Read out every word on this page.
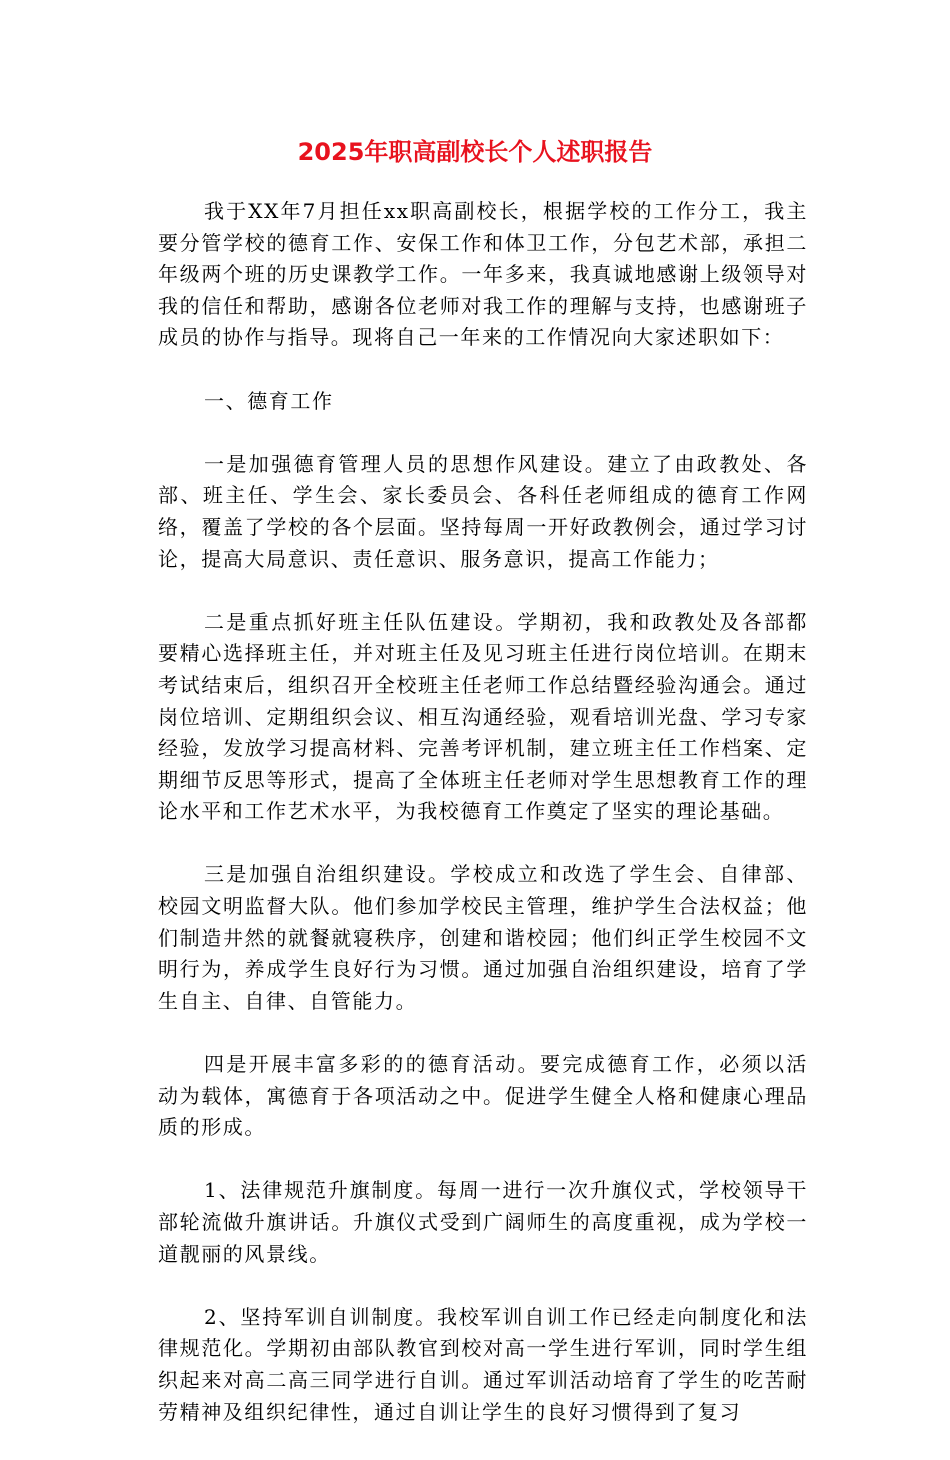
2025年职高副校长个人述职报告

我于XX年7月担任xx职高副校长，根据学校的工作分工，我主要分管学校的德育工作、安保工作和体卫工作，分包艺术部，承担二年级两个班的历史课教学工作。一年多来，我真诚地感谢上级领导对我的信任和帮助，感谢各位老师对我工作的理解与支持，也感谢班子成员的协作与指导。现将自己一年来的工作情况向大家述职如下：

一、德育工作

一是加强德育管理人员的思想作风建设。建立了由政教处、各部、班主任、学生会、家长委员会、各科任老师组成的德育工作网络，覆盖了学校的各个层面。坚持每周一开好政教例会，通过学习讨论，提高大局意识、责任意识、服务意识，提高工作能力；

二是重点抓好班主任队伍建设。学期初，我和政教处及各部都要精心选择班主任，并对班主任及见习班主任进行岗位培训。在期末考试结束后，组织召开全校班主任老师工作总结暨经验沟通会。通过岗位培训、定期组织会议、相互沟通经验，观看培训光盘、学习专家经验，发放学习提高材料、完善考评机制，建立班主任工作档案、定期细节反思等形式，提高了全体班主任老师对学生思想教育工作的理论水平和工作艺术水平，为我校德育工作奠定了坚实的理论基础。

三是加强自治组织建设。学校成立和改选了学生会、自律部、校园文明监督大队。他们参加学校民主管理，维护学生合法权益；他们制造井然的就餐就寝秩序，创建和谐校园；他们纠正学生校园不文明行为，养成学生良好行为习惯。通过加强自治组织建设，培育了学生自主、自律、自管能力。

四是开展丰富多彩的的德育活动。要完成德育工作，必须以活动为载体，寓德育于各项活动之中。促进学生健全人格和健康心理品质的形成。

1、法律规范升旗制度。每周一进行一次升旗仪式，学校领导干部轮流做升旗讲话。升旗仪式受到广阔师生的高度重视，成为学校一道靓丽的风景线。

2、坚持军训自训制度。我校军训自训工作已经走向制度化和法律规范化。学期初由部队教官到校对高一学生进行军训，同时学生组织起来对高二高三同学进行自训。通过军训活动培育了学生的吃苦耐劳精神及组织纪律性，通过自训让学生的良好习惯得到了复习
